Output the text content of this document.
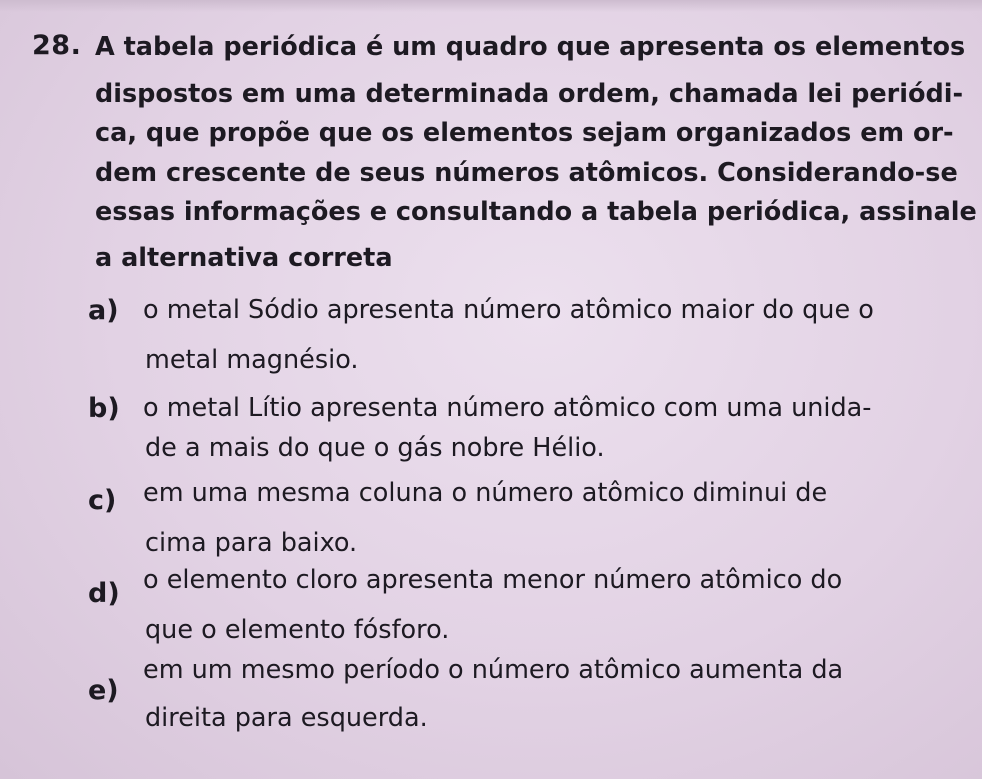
28. A tabela periódica é um quadro que apresenta os elementos
dispostos em uma determinada ordem, chamada lei periódi-
ca, que propõe que os elementos sejam organizados em or-
dem crescente de seus números atômicos. Considerando-se
essas informações e consultando a tabela periódica, assinale
a alternativa correta
a) o metal Sódio apresenta número atômico maior do que o
metal magnésio.
b) o metal Lítio apresenta número atômico com uma unida-
de a mais do que o gás nobre Hélio.
c) em uma mesma coluna o número atômico diminui de
cima para baixo.
d) o elemento cloro apresenta menor número atômico do
que o elemento fósforo.
e)
em um mesmo período o número atômico aumenta da
direita para esquerda.
